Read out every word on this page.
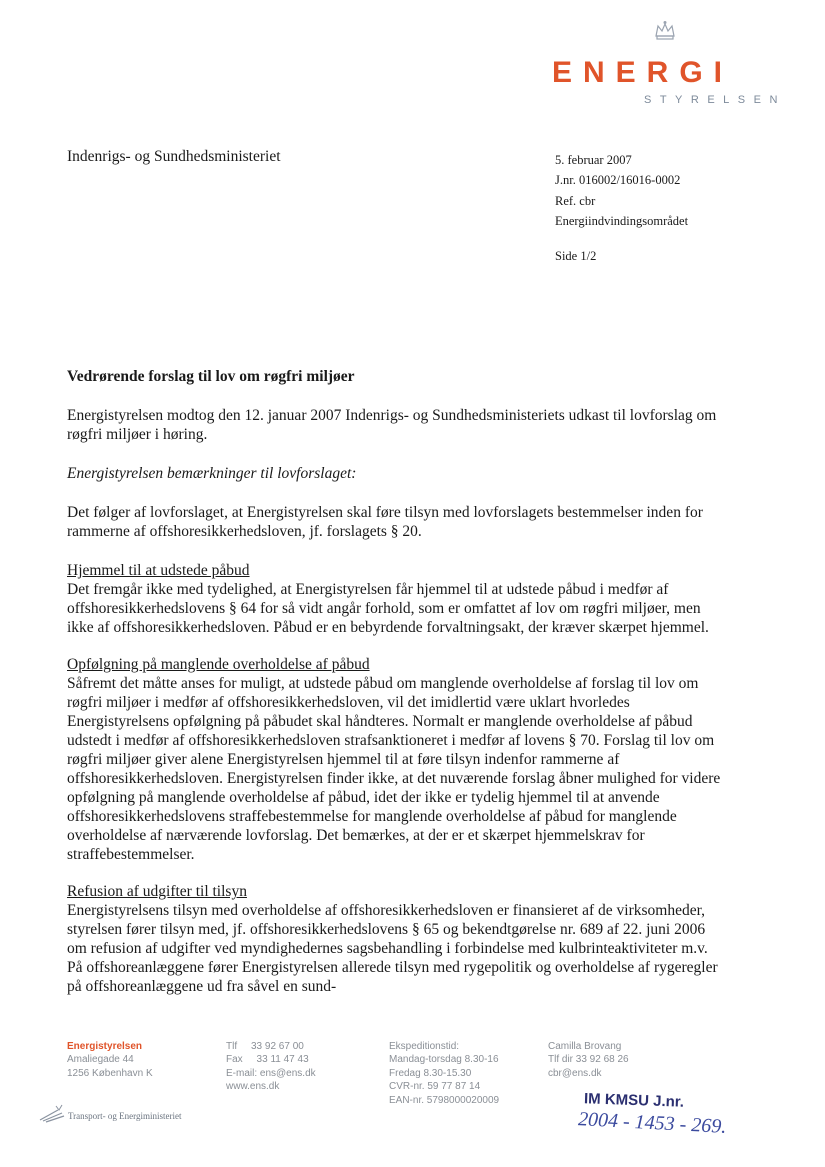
ENERGI
STYRELSEN
Indenrigs- og Sundhedsministeriet	5. februar 2007
J.nr. 016002/16016-0002
Ref. cbr
Energiindvindingsområdet
Side 1/2

Vedrørende forslag til lov om røgfri miljøer

Energistyrelsen modtog den 12. januar 2007 Indenrigs- og Sundhedsministeriets udkast til lovforslag om røgfri miljøer i høring.

Energistyrelsen bemærkninger til lovforslaget:

Det følger af lovforslaget, at Energistyrelsen skal føre tilsyn med lovforslagets bestemmelser inden for rammerne af offshoresikkerhedsloven, jf. forslagets § 20.

Hjemmel til at udstede påbud

Det fremgår ikke med tydelighed, at Energistyrelsen får hjemmel til at udstede påbud i medfør af offshoresikkerhedslovens § 64 for så vidt angår forhold, som er omfattet af lov om røgfri miljøer, men ikke af offshoresikkerhedsloven. Påbud er en bebyrdende forvaltningsakt, der kræver skærpet hjemmel.

Opfølgning på manglende overholdelse af påbud

Såfremt det måtte anses for muligt, at udstede påbud om manglende overholdelse af forslag til lov om røgfri miljøer i medfør af offshoresikkerhedsloven, vil det imidlertid være uklart hvorledes Energistyrelsens opfølgning på påbudet skal håndteres. Normalt er manglende overholdelse af påbud udstedt i medfør af offshoresikkerhedsloven strafsanktioneret i medfør af lovens § 70. Forslag til lov om røgfri miljøer giver alene Energistyrelsen hjemmel til at føre tilsyn indenfor rammerne af offshoresikkerhedsloven. Energistyrelsen finder ikke, at det nuværende forslag åbner mulighed for videre opfølgning på manglende overholdelse af påbud, idet der ikke er tydelig hjemmel til at anvende offshoresikkerhedslovens straffebestemmelse for manglende overholdelse af påbud for manglende overholdelse af nærværende lovforslag. Det bemærkes, at der er et skærpet hjemmelskrav for straffebestemmelser.

Refusion af udgifter til tilsyn

Energistyrelsens tilsyn med overholdelse af offshoresikkerhedsloven er finansieret af de virksomheder, styrelsen fører tilsyn med, jf. offshoresikkerhedslovens § 65 og bekendtgørelse nr. 689 af 22. juni 2006 om refusion af udgifter ved myndighedernes sagsbehandling i forbindelse med kulbrinteaktiviteter m.v. På offshoreanlæggene fører Energistyrelsen allerede tilsyn med rygepolitik og overholdelse af rygeregler på offshoreanlæggene ud fra såvel en sund-

Energistyrelsen
Amaliegade 44
1256 København K
Tlf     33 92 67 00
Fax     33 11 47 43
E-mail: ens@ens.dk
www.ens.dk
Ekspeditionstid:
Mandag-torsdag 8.30-16
Fredag 8.30-15.30
CVR-nr. 59 77 87 14
EAN-nr. 5798000020009
Camilla Brovang
Tlf dir 33 92 68 26
cbr@ens.dk
Transport- og Energiministeriet
IM KMSU J.nr.
2004 - 1453 - 269.
